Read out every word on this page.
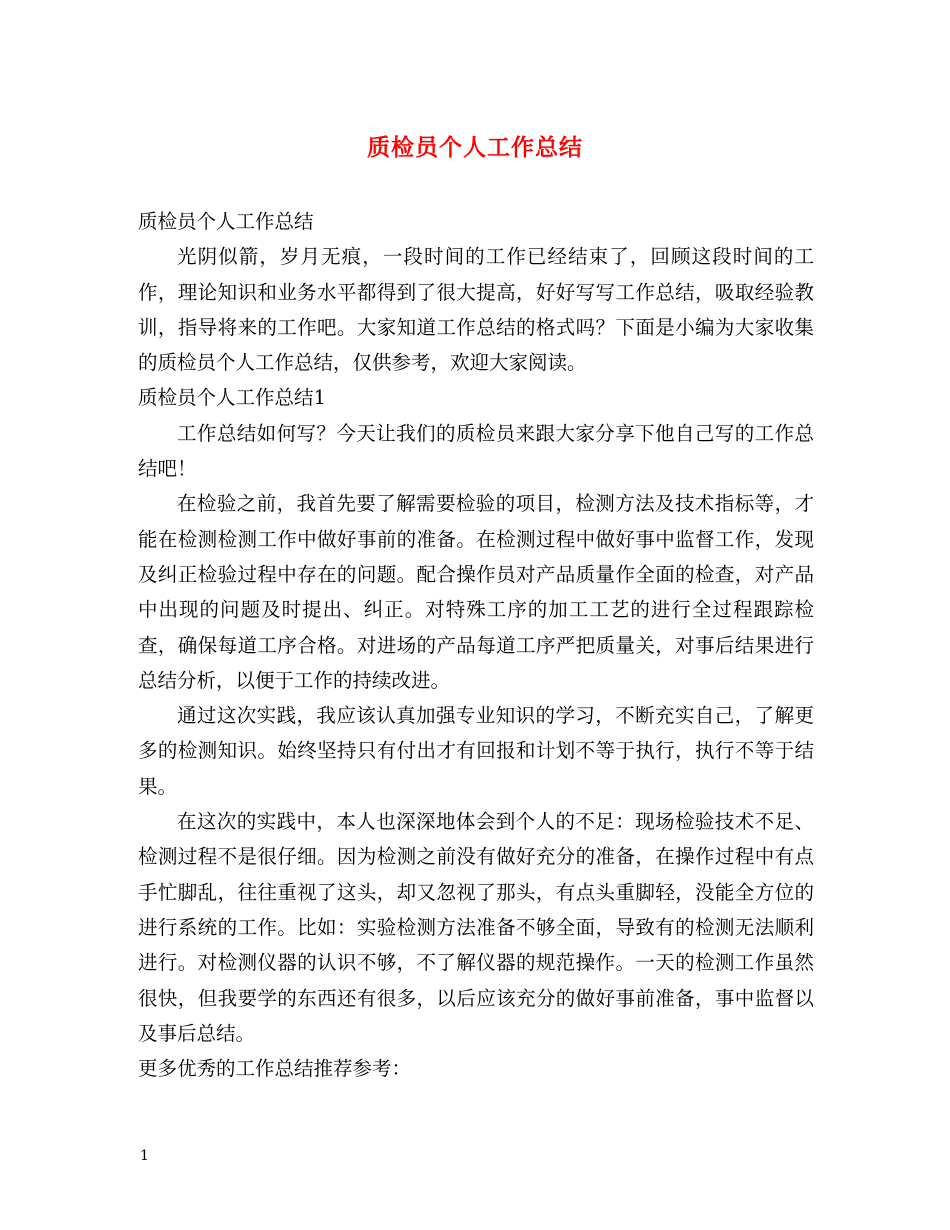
质检员个人工作总结

质检员个人工作总结

光阴似箭，岁月无痕，一段时间的工作已经结束了，回顾这段时间的工作，理论知识和业务水平都得到了很大提高，好好写写工作总结，吸取经验教训，指导将来的工作吧。大家知道工作总结的格式吗？下面是小编为大家收集的质检员个人工作总结，仅供参考，欢迎大家阅读。

质检员个人工作总结1

工作总结如何写？今天让我们的质检员来跟大家分享下他自己写的工作总结吧！

在检验之前，我首先要了解需要检验的项目，检测方法及技术指标等，才能在检测检测工作中做好事前的准备。在检测过程中做好事中监督工作，发现及纠正检验过程中存在的问题。配合操作员对产品质量作全面的检查，对产品中出现的问题及时提出、纠正。对特殊工序的加工工艺的进行全过程跟踪检查，确保每道工序合格。对进场的产品每道工序严把质量关，对事后结果进行总结分析，以便于工作的持续改进。

通过这次实践，我应该认真加强专业知识的学习，不断充实自己，了解更多的检测知识。始终坚持只有付出才有回报和计划不等于执行，执行不等于结果。

在这次的实践中，本人也深深地体会到个人的不足：现场检验技术不足、检测过程不是很仔细。因为检测之前没有做好充分的准备，在操作过程中有点手忙脚乱，往往重视了这头，却又忽视了那头，有点头重脚轻，没能全方位的进行系统的工作。比如：实验检测方法准备不够全面，导致有的检测无法顺利进行。对检测仪器的认识不够，不了解仪器的规范操作。一天的检测工作虽然很快，但我要学的东西还有很多，以后应该充分的做好事前准备，事中监督以及事后总结。

更多优秀的工作总结推荐参考：

1
